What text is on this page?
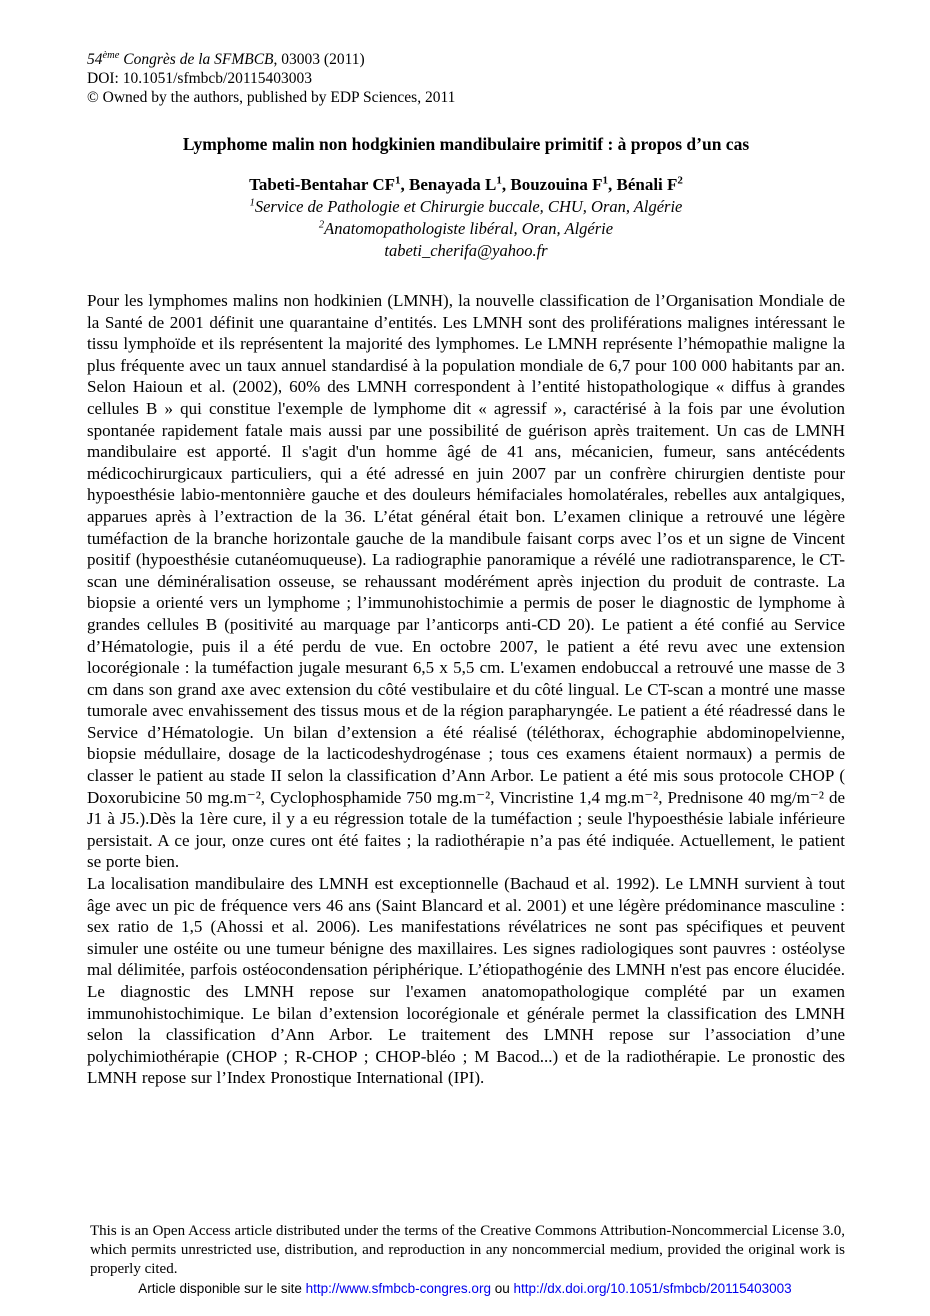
54ème Congrès de la SFMBCB, 03003 (2011)
DOI: 10.1051/sfmbcb/20115403003
© Owned by the authors, published by EDP Sciences, 2011
Lymphome malin non hodgkinien mandibulaire primitif : à propos d’un cas
Tabeti-Bentahar $CF^1$, Benayada $L^1$, Bouzouina $F^1$, Bénali $F^2$
$^1$Service de Pathologie et Chirurgie buccale, CHU, Oran, Algérie
$^2$Anatomopathologiste libéral, Oran, Algérie
tabeti_cherifa@yahoo.fr

Pour les lymphomes malins non hodkinien (LMNH), la nouvelle classification de l’Organisation Mondiale de la Santé de 2001 définit une quarantaine d’entités. Les LMNH sont des proliférations malignes intéressant le tissu lymphoïde et ils représentent la majorité des lymphomes. Le LMNH représente l’hémopathie maligne la plus fréquente avec un taux annuel standardisé à la population mondiale de 6,7 pour 100 000 habitants par an. Selon Haioun et al. (2002), 60% des LMNH correspondent à l’entité histopathologique « diffus à grandes cellules B » qui constitue l'exemple de lymphome dit « agressif », caractérisé à la fois par une évolution spontanée rapidement fatale mais aussi par une possibilité de guérison après traitement. Un cas de LMNH mandibulaire est apporté. Il s'agit d'un homme âgé de 41 ans, mécanicien, fumeur, sans antécédents médicochirurgicaux particuliers, qui a été adressé en juin 2007 par un confrère chirurgien dentiste pour hypoesthésie labio-mentonnière gauche et des douleurs hémifaciales homolatérales, rebelles aux antalgiques, apparues après à l’extraction de la 36. L’état général était bon. L’examen clinique a retrouvé une légère tuméfaction de la branche horizontale gauche de la mandibule faisant corps avec l’os et un signe de Vincent positif (hypoesthésie cutanéomuqueuse). La radiographie panoramique a révélé une radiotransparence, le CT-scan une déminéralisation osseuse, se rehaussant modérément après injection du produit de contraste. La biopsie a orienté vers un lymphome ; l’immunohistochimie a permis de poser le diagnostic de lymphome à grandes cellules B (positivité au marquage par l’anticorps anti-CD 20). Le patient a été confié au Service d’Hématologie, puis il a été perdu de vue. En octobre 2007, le patient a été revu avec une extension locorégionale : la tuméfaction jugale mesurant 6,5 x 5,5 cm. L'examen endobuccal a retrouvé une masse de 3 cm dans son grand axe avec extension du côté vestibulaire et du côté lingual. Le CT-scan a montré une masse tumorale avec envahissement des tissus mous et de la région parapharyngée. Le patient a été réadressé dans le Service d’Hématologie. Un bilan d’extension a été réalisé (téléthorax, échographie abdominopelvienne, biopsie médullaire, dosage de la lacticodeshydrogénase ; tous ces examens étaient normaux) a permis de classer le patient au stade II selon la classification d’Ann Arbor. Le patient a été mis sous protocole CHOP ( Doxorubicine 50 mg.m⁻², Cyclophosphamide 750 mg.m⁻², Vincristine 1,4 mg.m⁻², Prednisone 40 mg/m⁻² de J1 à J5.).Dès la 1ère cure, il y a eu régression totale de la tuméfaction ; seule l'hypoesthésie labiale inférieure persistait. A ce jour, onze cures ont été faites ; la radiothérapie n’a pas été indiquée. Actuellement, le patient se porte bien.

La localisation mandibulaire des LMNH est exceptionnelle (Bachaud et al. 1992). Le LMNH survient à tout âge avec un pic de fréquence vers 46 ans (Saint Blancard et al. 2001) et une légère prédominance masculine : sex ratio de 1,5 (Ahossi et al. 2006). Les manifestations révélatrices ne sont pas spécifiques et peuvent simuler une ostéite ou une tumeur bénigne des maxillaires. Les signes radiologiques sont pauvres : ostéolyse mal délimitée, parfois ostéocondensation périphérique. L’étiopathogénie des LMNH n'est pas encore élucidée. Le diagnostic des LMNH repose sur l'examen anatomopathologique complété par un examen immunohistochimique. Le bilan d’extension locorégionale et générale permet la classification des LMNH selon la classification d’Ann Arbor. Le traitement des LMNH repose sur l’association d’une polychimiothérapie (CHOP ; R-CHOP ; CHOP-bléo ; M Bacod...) et de la radiothérapie. Le pronostic des LMNH repose sur l’Index Pronostique International (IPI).

This is an Open Access article distributed under the terms of the Creative Commons Attribution-Noncommercial License 3.0, which permits unrestricted use, distribution, and reproduction in any noncommercial medium, provided the original work is properly cited.
Article disponible sur le site http://www.sfmbcb-congres.org ou http://dx.doi.org/10.1051/sfmbcb/20115403003
